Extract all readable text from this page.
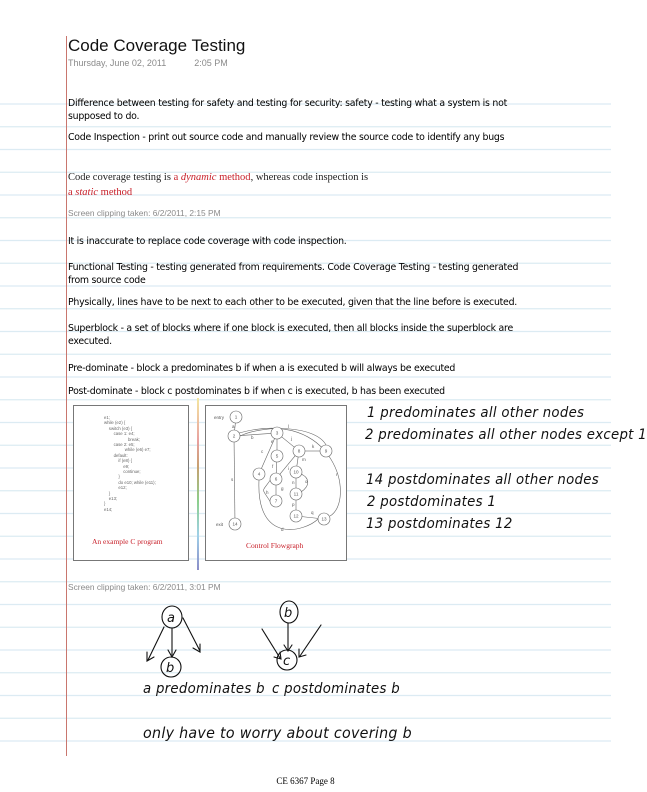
Code Coverage Testing
Thursday, June 02, 2011	2:05 PM
Difference between testing for safety and testing for security: safety - testing what a system is not
supposed to do.
Code Inspection - print out source code and manually review the source code to identify any bugs
Code coverage testing is a dynamic method, whereas code inspection is
a static method
Screen clipping taken: 6/2/2011, 2:15 PM
It is inaccurate to replace code coverage with code inspection.
Functional Testing - testing generated from requirements. Code Coverage Testing - testing generated
from source code
Physically, lines have to be next to each other to be executed, given that the line before is executed.
Superblock - a set of blocks where if one block is executed, then all blocks inside the superblock are
executed.
Pre-dominate - block a predominates b if when a is executed b will always be executed
Post-dominate - block c postdominates b if when c is executed, b has been executed
An example C program
e1;
while (e2) {
switch (e3) {
case 1: e4;
break;
case 2: e5;
while (e6) e7;
default:
if (e8) {
e9;
continue;
}
do e10; while (e11);
e12;
}
e13;
}
e14;
a
b
c
d
e
f
g
h
i
j
k
l
m
n o
p
q
r
s
1
2
3
4
5
6
7
8	9
10
11
12
13
14
entry
exit
Control Flowgraph
1 predominates all other nodes
2 predominates all other nodes except 1
14 postdominates all other nodes
2 postdominates 1
13 postdominates 12
Screen clipping taken: 6/2/2011, 3:01 PM
a
b
b
c
a predominates b c postdominates b
only have to worry about covering b
CE 6367 Page 8
